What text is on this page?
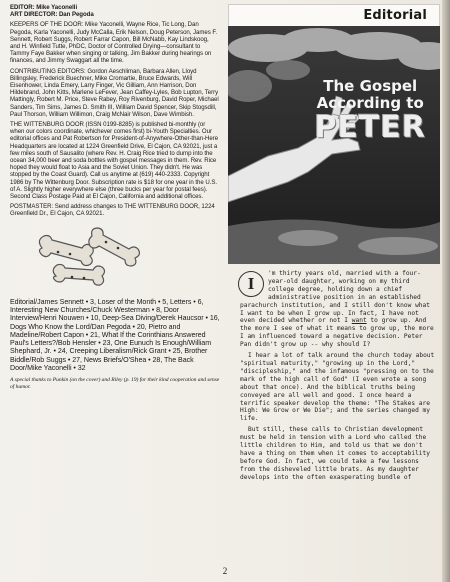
EDITOR: Mike Yaconelli

ART DIRECTOR: Dan Pegoda

KEEPERS OF THE DOOR: Mike Yaconelli, Wayne Rice, Tic Long, Dan Pegoda, Karla Yaconelli, Judy McCalla, Erik Nelson, Doug Peterson, James F. Sennett, Robert Suggs, Robert Farrar Capon, Bill McNabb, Kay Lindskoog, and H. Winfield Tutte, PhDC, Doctor of Controlled Drying—consultant to Tammy Faye Bakker when singing or talking, Jim Bakker during hearings on finances, and Jimmy Swaggart all the time.

CONTRIBUTING EDITORS: Gordon Aeschliman, Barbara Allen, Lloyd Billingsley, Frederick Buechner, Mike Cromartie, Bruce Edwards, Will Eisenhower, Linda Emery, Larry Finger, Vic Gilliam, Ann Harrison, Don Hildebrand, John Kitts, Marlene LeFever, Jean Caffey-Lyles, Bob Lupton, Terry Mattingly, Robert M. Price, Steve Rabey, Roy Rivenburg, David Roper, Michael Sanders, Tim Sims, James D. Smith III, William David Spencer, Skip Stogsdill, Paul Thorson, William Willimon, Craig McNair Wilson, Dave Wimbish.

THE WITTENBURG DOOR (ISSN 0199-8285) is published bi-monthly (or when our colors coordinate, whichever comes first) bi-Youth Specialties. Our editorial offices and Pat Robertson for President-of-Anywhere-Other-than-Here Headquarters are located at 1224 Greenfield Drive, El Cajon, CA 92021, just a few miles south of Sausalito (where Rev. H. Craig Rice tried to dump into the ocean 34,000 beer and soda bottles with gospel messages in them. Rev. Rice hoped they would float to Asia and the Soviet Union. They didn't. He was stopped by the Coast Guard). Call us anytime at (619) 440-2333. Copyright 1986 by The Wittenburg Door. Subscription rate is $18 for one year in the U.S. of A. Slightly higher everywhere else (three bucks per year for postal fees). Second Class Postage Paid at El Cajon, California and additional offices.

POSTMASTER: Send address changes to THE WITTENBURG DOOR, 1224 Greenfield Dr., El Cajon, CA 92021.

Editorial/James Sennett • 3, Loser of the Month • 5, Letters • 6, Interesting New Churches/Chuck Westerman • 8, Door Interview/Henri Nouwen • 10, Deep-Sea Diving/Derek Haucsor • 16, Dogs Who Know the Lord/Dan Pegoda • 20, Pietro and Madeline/Robert Capon • 21, What If the Corinthians Answered Paul's Letters?/Bob Hensler • 23, One Eunuch Is Enough/William Shephard, Jr. • 24, Creeping Liberalism/Rick Grant • 25, Brother Biddle/Rob Suggs • 27, News Briefs/O'Shea • 28, The Back Door/Mike Yaconelli • 32

A special thanks to Punkin (on the cover) and Riley (p. 19) for their kind cooperation and sense of humor.

Editorial
The Gospel
According to
PETER

I
'm thirty years old, married with a four-year-old daughter, working on my third college degree, holding down a chief administrative position in an established parachurch institution, and I still don't know what I want to be when I grow up. In fact, I have not even decided whether or not I want to grow up. And the more I see of what it means to grow up, the more I am influenced toward a negative decision. Peter Pan didn't grow up -- why should I?

I hear a lot of talk around the church today about "spiritual maturity," "growing up in the Lord," "discipleship," and the infamous "pressing on to the mark of the high call of God" (I even wrote a song about that once). And the biblical truths being conveyed are all well and good. I once heard a terrific speaker develop the theme: "The Stakes are High: We Grow or We Die"; and the series changed my life.

But still, these calls to Christian development must be held in tension with a Lord who called the little children to Him, and told us that we don't have a thing on them when it comes to acceptability before God. In fact, we could take a few lessons from the disheveled little brats. As my daughter develops into the often exasperating bundle of

2
